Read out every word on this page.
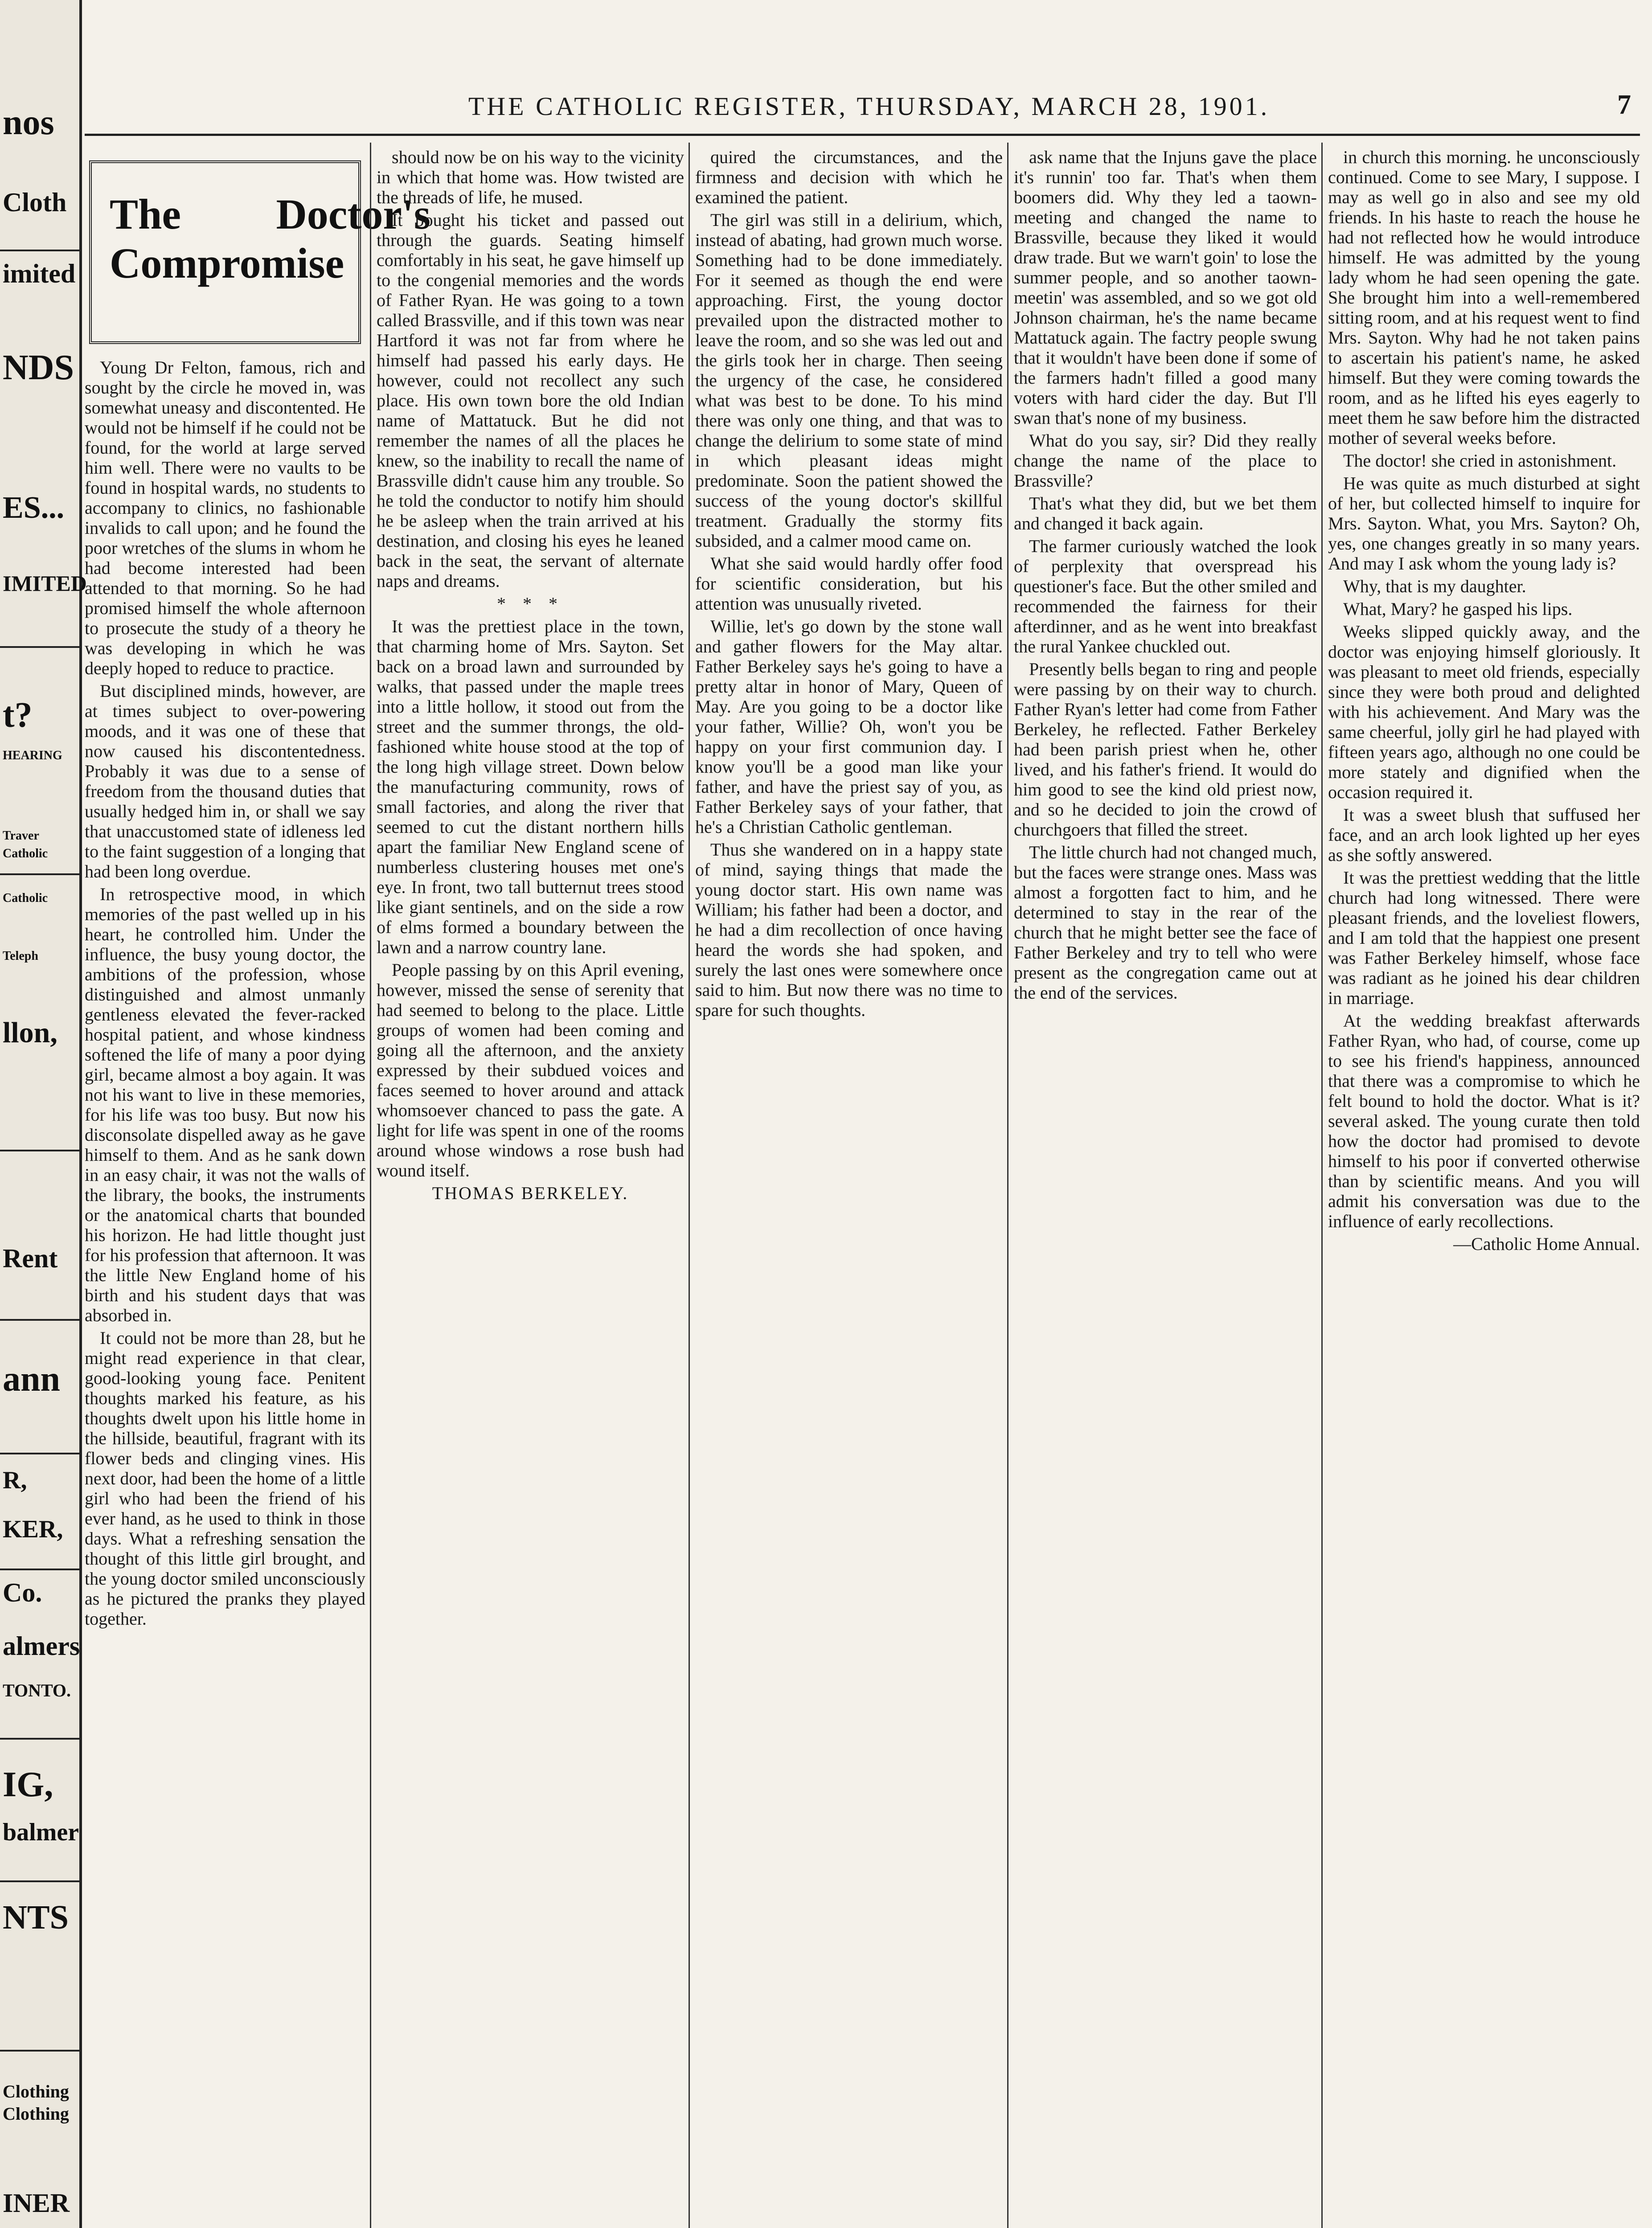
nos
Cloth
imited
NDS
ES...
IMITED
t?
HEARING
Traver
Catholic
Catholic
Teleph
llon,
Rent
ann
R,
KER,
Co.
almers
TONTO.
IG,
balmer
NTS
Clothing
Clothing
INER
THE CATHOLIC REGISTER, THURSDAY, MARCH 28, 1901.	7
The Doctor's Compromise

Young Dr Felton, famous, rich and sought by the circle he moved in, was somewhat uneasy and discontented. He would not be himself if he could not be found, for the world at large served him well. There were no vaults to be found in hospital wards, no students to accompany to clinics, no fashionable invalids to call upon; and he found the poor wretches of the slums in whom he had become interested had been attended to that morning. So he had promised himself the whole afternoon to prosecute the study of a theory he was developing in which he was deeply hoped to reduce to practice.

But disciplined minds, however, are at times subject to over-powering moods, and it was one of these that now caused his discontentedness. Probably it was due to a sense of freedom from the thousand duties that usually hedged him in, or shall we say that unaccustomed state of idleness led to the faint suggestion of a longing that had been long overdue.

In retrospective mood, in which memories of the past welled up in his heart, he controlled him. Under the influence, the busy young doctor, the ambitions of the profession, whose distinguished and almost unmanly gentleness elevated the fever-racked hospital patient, and whose kindness softened the life of many a poor dying girl, became almost a boy again. It was not his want to live in these memories, for his life was too busy. But now his disconsolate dispelled away as he gave himself to them. And as he sank down in an easy chair, it was not the walls of the library, the books, the instruments or the anatomical charts that bounded his horizon. He had little thought just for his profession that afternoon. It was the little New England home of his birth and his student days that was absorbed in.

It could not be more than 28, but he might read experience in that clear, good-looking young face. Penitent thoughts marked his feature, as his thoughts dwelt upon his little home in the hillside, beautiful, fragrant with its flower beds and clinging vines. His next door, had been the home of a little girl who had been the friend of his ever hand, as he used to think in those days. What a refreshing sensation the thought of this little girl brought, and the young doctor smiled unconsciously as he pictured the pranks they played together.

should now be on his way to the vicinity in which that home was. How twisted are the threads of life, he mused.

It bought his ticket and passed out through the guards. Seating himself comfortably in his seat, he gave himself up to the congenial memories and the words of Father Ryan. He was going to a town called Brassville, and if this town was near Hartford it was not far from where he himself had passed his early days. He however, could not recollect any such place. His own town bore the old Indian name of Mattatuck. But he did not remember the names of all the places he knew, so the inability to recall the name of Brassville didn't cause him any trouble. So he told the conductor to notify him should he be asleep when the train arrived at his destination, and closing his eyes he leaned back in the seat, the servant of alternate naps and dreams.

* * *

It was the prettiest place in the town, that charming home of Mrs. Sayton. Set back on a broad lawn and surrounded by walks, that passed under the maple trees into a little hollow, it stood out from the street and the summer throngs, the old-fashioned white house stood at the top of the long high village street. Down below the manufacturing community, rows of small factories, and along the river that seemed to cut the distant northern hills apart the familiar New England scene of numberless clustering houses met one's eye. In front, two tall butternut trees stood like giant sentinels, and on the side a row of elms formed a boundary between the lawn and a narrow country lane.

People passing by on this April evening, however, missed the sense of serenity that had seemed to belong to the place. Little groups of women had been coming and going all the afternoon, and the anxiety expressed by their subdued voices and faces seemed to hover around and attack whomsoever chanced to pass the gate. A light for life was spent in one of the rooms around whose windows a rose bush had wound itself.

THOMAS BERKELEY.

quired the circumstances, and the firmness and decision with which he examined the patient.

The girl was still in a delirium, which, instead of abating, had grown much worse. Something had to be done immediately. For it seemed as though the end were approaching. First, the young doctor prevailed upon the distracted mother to leave the room, and so she was led out and the girls took her in charge. Then seeing the urgency of the case, he considered what was best to be done. To his mind there was only one thing, and that was to change the delirium to some state of mind in which pleasant ideas might predominate. Soon the patient showed the success of the young doctor's skillful treatment. Gradually the stormy fits subsided, and a calmer mood came on.

What she said would hardly offer food for scientific consideration, but his attention was unusually riveted.

Willie, let's go down by the stone wall and gather flowers for the May altar. Father Berkeley says he's going to have a pretty altar in honor of Mary, Queen of May. Are you going to be a doctor like your father, Willie? Oh, won't you be happy on your first communion day. I know you'll be a good man like your father, and have the priest say of you, as Father Berkeley says of your father, that he's a Christian Catholic gentleman.

Thus she wandered on in a happy state of mind, saying things that made the young doctor start. His own name was William; his father had been a doctor, and he had a dim recollection of once having heard the words she had spoken, and surely the last ones were somewhere once said to him. But now there was no time to spare for such thoughts.

ask name that the Injuns gave the place it's runnin' too far. That's when them boomers did. Why they led a taown-meeting and changed the name to Brassville, because they liked it would draw trade. But we warn't goin' to lose the summer people, and so another taown-meetin' was assembled, and so we got old Johnson chairman, he's the name became Mattatuck again. The factry people swung that it wouldn't have been done if some of the farmers hadn't filled a good many voters with hard cider the day. But I'll swan that's none of my business.

What do you say, sir? Did they really change the name of the place to Brassville?

That's what they did, but we bet them and changed it back again.

The farmer curiously watched the look of perplexity that overspread his questioner's face. But the other smiled and recommended the fairness for their afterdinner, and as he went into breakfast the rural Yankee chuckled out.

Presently bells began to ring and people were passing by on their way to church. Father Ryan's letter had come from Father Berkeley, he reflected. Father Berkeley had been parish priest when he, other lived, and his father's friend. It would do him good to see the kind old priest now, and so he decided to join the crowd of churchgoers that filled the street.

The little church had not changed much, but the faces were strange ones. Mass was almost a forgotten fact to him, and he determined to stay in the rear of the church that he might better see the face of Father Berkeley and try to tell who were present as the congregation came out at the end of the services.

in church this morning. he unconsciously continued. Come to see Mary, I suppose. I may as well go in also and see my old friends. In his haste to reach the house he had not reflected how he would introduce himself. He was admitted by the young lady whom he had seen opening the gate. She brought him into a well-remembered sitting room, and at his request went to find Mrs. Sayton. Why had he not taken pains to ascertain his patient's name, he asked himself. But they were coming towards the room, and as he lifted his eyes eagerly to meet them he saw before him the distracted mother of several weeks before.

The doctor! she cried in astonishment.

He was quite as much disturbed at sight of her, but collected himself to inquire for Mrs. Sayton. What, you Mrs. Sayton? Oh, yes, one changes greatly in so many years. And may I ask whom the young lady is?

Why, that is my daughter.

What, Mary? he gasped his lips.

Weeks slipped quickly away, and the doctor was enjoying himself gloriously. It was pleasant to meet old friends, especially since they were both proud and delighted with his achievement. And Mary was the same cheerful, jolly girl he had played with fifteen years ago, although no one could be more stately and dignified when the occasion required it.

It was a sweet blush that suffused her face, and an arch look lighted up her eyes as she softly answered.

It was the prettiest wedding that the little church had long witnessed. There were pleasant friends, and the loveliest flowers, and I am told that the happiest one present was Father Berkeley himself, whose face was radiant as he joined his dear children in marriage.

At the wedding breakfast afterwards Father Ryan, who had, of course, come up to see his friend's happiness, announced that there was a compromise to which he felt bound to hold the doctor. What is it? several asked. The young curate then told how the doctor had promised to devote himself to his poor if converted otherwise than by scientific means. And you will admit his conversation was due to the influence of early recollections.

—Catholic Home Annual.
